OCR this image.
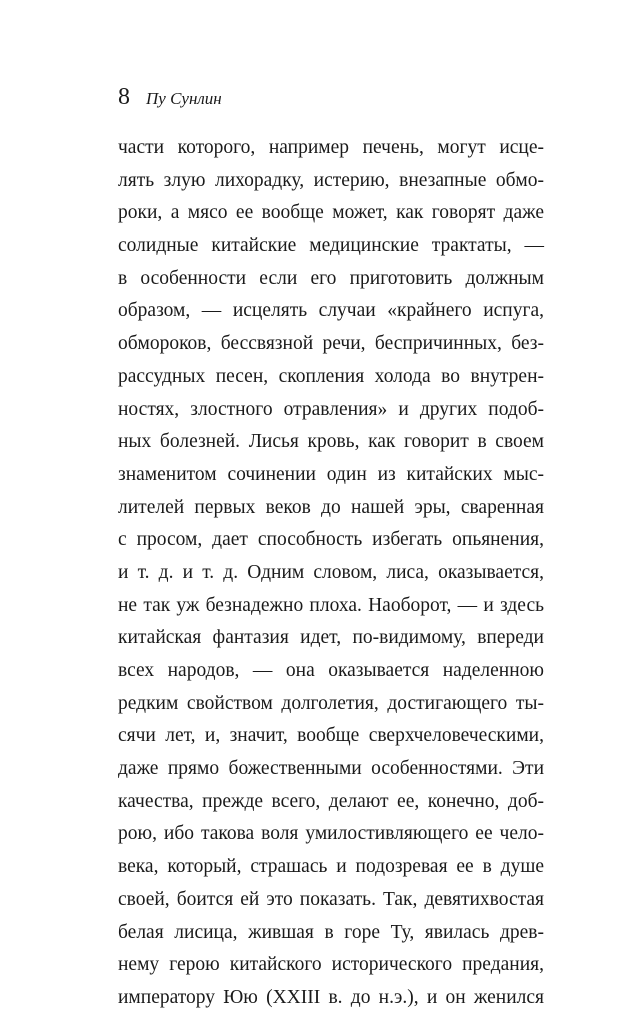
8 Пу Сунлин
части которого, например печень, могут исце-
лять злую лихорадку, истерию, внезапные обмо-
роки, а мясо ее вообще может, как говорят даже
солидные китайские медицинские трактаты, —
в особенности если его приготовить должным
образом, — исцелять случаи «крайнего испуга,
обмороков, бессвязной речи, беспричинных, без-
рассудных песен, скопления холода во внутрен-
ностях, злостного отравления» и других подоб-
ных болезней. Лисья кровь, как говорит в своем
знаменитом сочинении один из китайских мыс-
лителей первых веков до нашей эры, сваренная
с просом, дает способность избегать опьянения,
и т. д. и т. д. Одним словом, лиса, оказывается,
не так уж безнадежно плоха. Наоборот, — и здесь
китайская фантазия идет, по-видимому, впереди
всех народов, — она оказывается наделенною
редким свойством долголетия, достигающего ты-
сячи лет, и, значит, вообще сверхчеловеческими,
даже прямо божественными особенностями. Эти
качества, прежде всего, делают ее, конечно, доб-
рою, ибо такова воля умилостивляющего ее чело-
века, который, страшась и подозревая ее в душе
своей, боится ей это показать. Так, девятихвостая
белая лисица, жившая в горе Ту, явилась древ-
нему герою китайского исторического предания,
императору Юю (XXIII в. до н.э.), и он женился
